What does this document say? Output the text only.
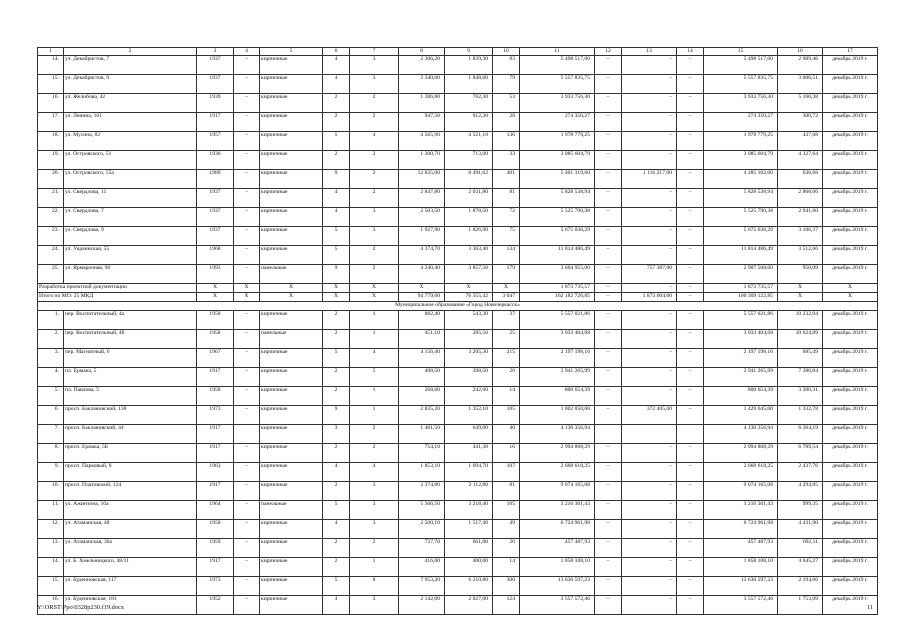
1	2	3	4	5	6	7	8	9	10	11	12	13	14	15	16	17
14.	ул. Декабристов, 7	1937	–	кирпичные	4	3	2 306,20	1 839,30	83	5 498 517,00	–	–	–	5 498 517,00	2 989,46	декабрь 2019 г.
15.	ул. Декабристов, 9	1937	–	кирпичные	4	3	2 340,00	1 848,60	79	5 557 835,75	–	–	–	5 557 835,75	3 006,51	декабрь 2019 г.
16.	ул. Желибова, 42	1939	–	кирпичные	2	2	1 386,80	762,30	53	3 933 756,30	–	–	–	3 933 756,30	5 160,38	декабрь 2019 г.
17.	ул. Ленина, 101	1917	–	кирпичные	2	2	947,50	912,30	28	274 350,27	–	–	–	274 350,27	300,72	декабрь 2019 г.
18.	ул. Мусина, 82	1957	–	кирпичные	5	4	4 565,90	4 521,10	136	1 978 779,25	–	–	–	1 978 779,25	437,68	декабрь 2019 г.
19.	ул. Островского, 51	1936	–	кирпичные	2	2	1 300,70	713,00	33	3 085 604,79	–	–	–	3 085 604,79	4 327,64	декабрь 2019 г.
20.	ул. Островского, 55а	1989	–	кирпичные	9	2	12 835,00	8 491,62	401	5 401 319,60	–	1 116 217,00	–	4 285 102,00	636,68	декабрь 2019 г.
21.	ул. Свердлова, 11	1937	–	кирпичные	4	2	2 847,80	2 031,80	81	5 828 538,94	–	–	–	5 828 538,94	2 868,66	декабрь 2019 г.
22.	ул. Свердлова, 7	1937	–	кирпичные	4	3	2 503,50	1 878,50	72	5 525 790,38	–	–	–	5 525 790,38	2 941,60	декабрь 2019 г.
23.	ул. Свердлова, 9	1937	–	кирпичные	5	3	1 927,90	1 826,90	75	5 675 036,29	–	–	–	5 675 036,29	3 106,37	декабрь 2019 г.
24.	ул. Украинская, 55	1968	–	кирпичные	5	2	4 374,70	3 363,40	134	11 814 486,49	–	–	–	11 814 486,49	3 512,66	декабрь 2019 г.
25.	ул. Ярмарочная, 90	1993	–	панельные	9	2	4 240,40	3 857,50	179	3 664 955,00	–	757 387,00	–	2 907 568,00	950,09	декабрь 2019 г.
Разработка проектной документации		X	X	X	X	X	X	X	X	1 873 735,57	–	–	–	1 873 735,57	X	X
Итого по МО: 25 МКД		X	X	X	X	X	94 779,60	76 355,42	3 047	162 182 726,85	–	1 873 604,00	–	160 309 122,85	X	X
Муниципальное образование «Город Новочеркасск»																
1.	пер. Воспитательный, 4а	1958	–	кирпичные	2	1	882,40	543,30	37	5 557 021,86	–	–	–	5 557 021,86	10 232,04	декабрь 2019 г.
2.	пер. Воспитательный, 4б	1958	–	панельные	2	1	451,10	285,50	25	3 033 404,68	–	–	–	3 033 404,68	10 624,89	декабрь 2019 г.
3.	пер. Магнитный, 6	1967	–	кирпичные	5	4	4 156,40	3 205,30	215	2 197 198,16	–	–	–	2 197 198,16	685,49	декабрь 2019 г.
4.	пл. Ермака, 5	1917	–	кирпичные	2	5	408,50	398,50	26	2 941 265,99	–	–	–	2 941 265,99	7 380,84	декабрь 2019 г.
5.	пл. Павлова, 5	1958	–	кирпичные	2	1	268,60	242,60	14	800 654,39	–	–	–	800 654,39	3 300,31	декабрь 2019 г.
6.	просп. Баклановский, 138	1973	–	кирпичные	9	1	2 835,20	1 352,10	105	1 802 050,00	–	372 405,00	–	1 429 645,00	1 332,78	декабрь 2019 г.
7.	просп. Баклановский, 44	1917		кирпичные	3	2	1 461,50	649,00	40	4 130 356,94				4 130 356,94	6 364,19	декабрь 2019 г.
8.	просп. Ермака, 5Б	1917	–	кирпичные	2	2	754,10	441,30	16	2 994 868,29	–	–	–	2 994 868,29	6 789,54	декабрь 2019 г.
9.	просп. Парковый, 8	1963	–	кирпичные	4	4	1 853,10	1 094,70	107	2 668 618,25	–	–	–	2 668 618,25	2 437,76	декабрь 2019 г.
10.	просп. Платовский, 124	1917	–	кирпичные	2	3	2 374,80	2 112,80	81	9 074 165,08	–	–	–	9 074 165,08	4 294,85	декабрь 2019 г.
11.	ул. Ажинтона, 16а	1964	–	панельные	5	3	5 366,50	3 218,40	105	3 216 301,43	–	–	–	3 216 301,43	999,35	декабрь 2019 г.
12.	ул. Атаманская, 48	1958	–	кирпичные	4	3	2 500,10	1 517,40	49	6 724 961,98	–	–	–	6 724 961,98	4 431,90	декабрь 2019 г.
13.	ул. Атаманская, 30а	1959	–	кирпичные	2	2	737,70	661,00	20	457 487,93	–	–	–	457 487,93	692,11	декабрь 2019 г.
14.	ул. Б. Хмельницкого, 48/11	1917	–	кирпичные	2	1	416,00	400,00	14	1 858 108,10	–	–	–	1 858 108,10	4 645,27	декабрь 2019 г.
15.	ул. Буденновская, 117	1973	–	кирпичные	5	8	7 953,20	6 210,80	300	13 630 597,23	–	–	–	13 630 597,23	2 194,66	декабрь 2019 г.
16.	ул. Буденновская, 181	1952	–	кирпичные	4	3	2 142,00	2 027,00	124	3 557 572,46	–	–	–	3 557 572,46	1 753,09	декабрь 2019 г.
Y:\ORST\Ppo\0328p230.f19.docx	11
